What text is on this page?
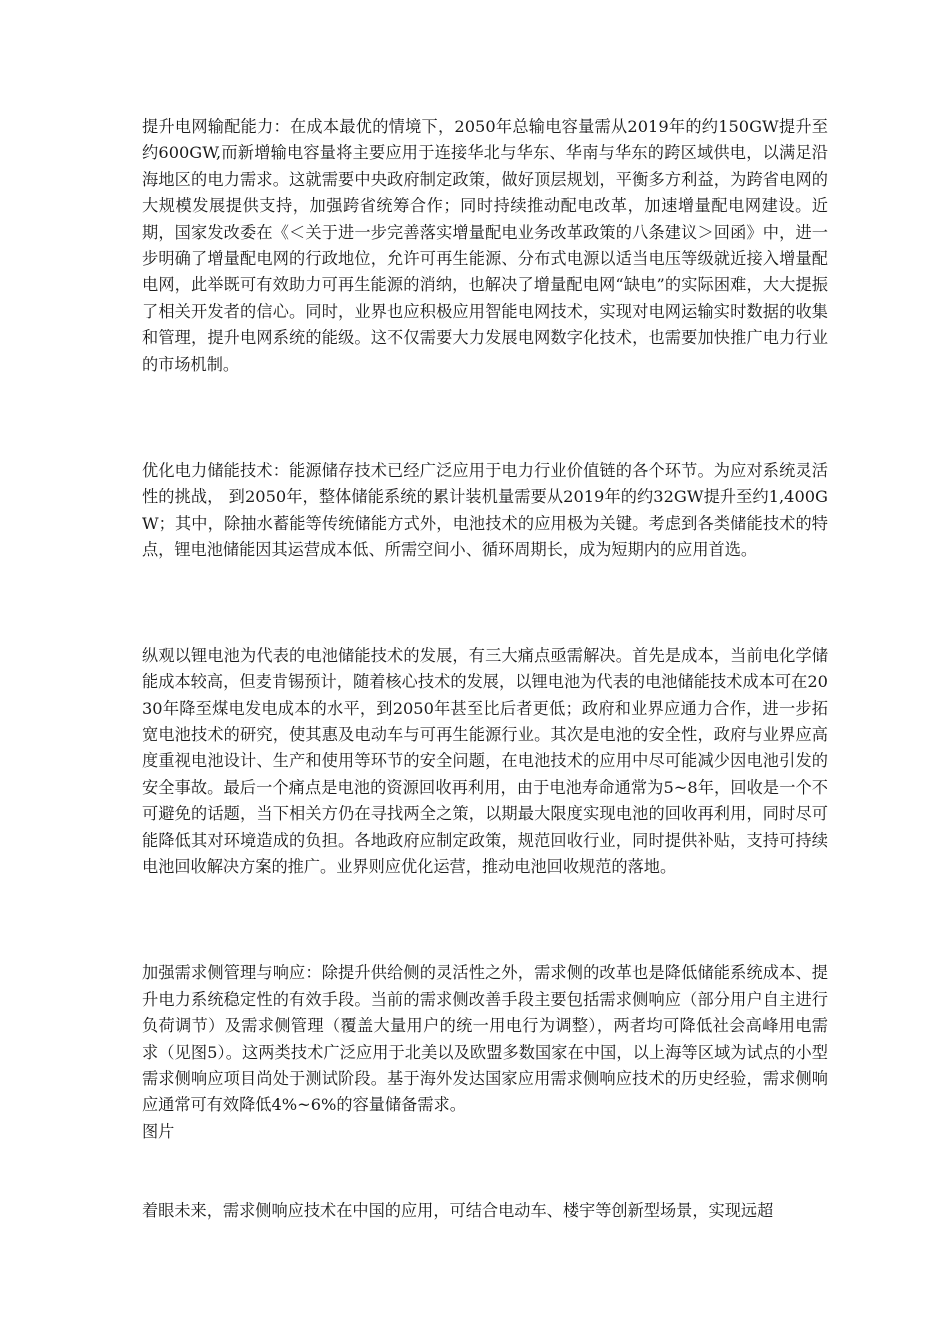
提升电网输配能力：在成本最优的情境下，2050年总输电容量需从2019年的约150GW提升至约600GW,而新增输电容量将主要应用于连接华北与华东、华南与华东的跨区域供电，以满足沿海地区的电力需求。这就需要中央政府制定政策，做好顶层规划，平衡多方利益，为跨省电网的大规模发展提供支持，加强跨省统筹合作；同时持续推动配电改革，加速增量配电网建设。近期，国家发改委在《＜关于进一步完善落实增量配电业务改革政策的八条建议＞回函》中，进一步明确了增量配电网的行政地位，允许可再生能源、分布式电源以适当电压等级就近接入增量配电网，此举既可有效助力可再生能源的消纳，也解决了增量配电网“缺电”的实际困难，大大提振了相关开发者的信心。同时，业界也应积极应用智能电网技术，实现对电网运输实时数据的收集和管理，提升电网系统的能级。这不仅需要大力发展电网数字化技术，也需要加快推广电力行业的市场机制。

优化电力储能技术：能源储存技术已经广泛应用于电力行业价值链的各个环节。为应对系统灵活性的挑战， 到2050年，整体储能系统的累计装机量需要从2019年的约32GW提升至约1,400GW；其中，除抽水蓄能等传统储能方式外，电池技术的应用极为关键。考虑到各类储能技术的特点，锂电池储能因其运营成本低、所需空间小、循环周期长，成为短期内的应用首选。

纵观以锂电池为代表的电池储能技术的发展，有三大痛点亟需解决。首先是成本，当前电化学储能成本较高，但麦肯锡预计，随着核心技术的发展，以锂电池为代表的电池储能技术成本可在2030年降至煤电发电成本的水平，到2050年甚至比后者更低；政府和业界应通力合作，进一步拓宽电池技术的研究，使其惠及电动车与可再生能源行业。其次是电池的安全性，政府与业界应高度重视电池设计、生产和使用等环节的安全问题，在电池技术的应用中尽可能减少因电池引发的安全事故。最后一个痛点是电池的资源回收再利用，由于电池寿命通常为5~8年，回收是一个不可避免的话题，当下相关方仍在寻找两全之策，以期最大限度实现电池的回收再利用，同时尽可能降低其对环境造成的负担。各地政府应制定政策，规范回收行业，同时提供补贴，支持可持续电池回收解决方案的推广。业界则应优化运营，推动电池回收规范的落地。

加强需求侧管理与响应：除提升供给侧的灵活性之外，需求侧的改革也是降低储能系统成本、提升电力系统稳定性的有效手段。当前的需求侧改善手段主要包括需求侧响应（部分用户自主进行负荷调节）及需求侧管理（覆盖大量用户的统一用电行为调整），两者均可降低社会高峰用电需求（见图5）。这两类技术广泛应用于北美以及欧盟多数国家在中国，以上海等区域为试点的小型需求侧响应项目尚处于测试阶段。基于海外发达国家应用需求侧响应技术的历史经验，需求侧响应通常可有效降低4%~6%的容量储备需求。

图片

着眼未来，需求侧响应技术在中国的应用，可结合电动车、楼宇等创新型场景，实现远超
